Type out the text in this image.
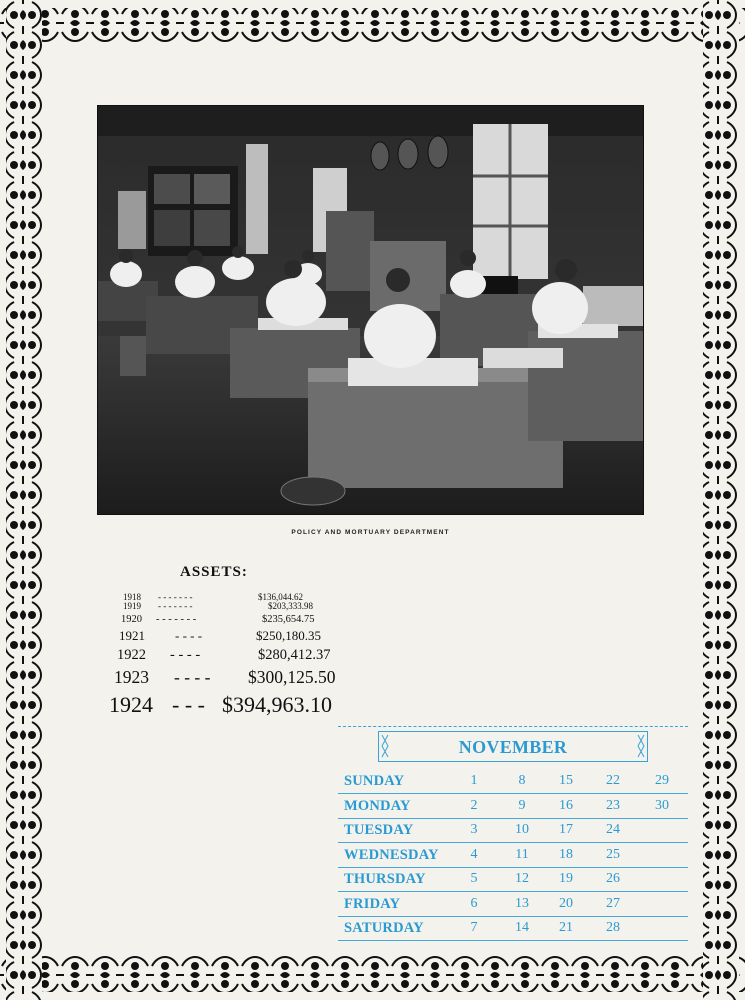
POLICY AND MORTUARY DEPARTMENT
ASSETS:
1918 - - - - - - -	$136,044.62
1919 - - - - - - -	$203,333.98
1920 - - - - - - -	$235,654.75
1921 - - - -	$250,180.35
1922 - - - -	$280,412.37
1923 - - - - $300,125.50
1924 - - - $394,963.10
NOVEMBER
SUNDAY	1	8	15	22	29
MONDAY	2	9	16	23	30
TUESDAY	3	10	17	24
WEDNESDAY	4	11	18	25
THURSDAY	5	12	19	26
FRIDAY	6	13	20	27
SATURDAY	7	14	21	28
